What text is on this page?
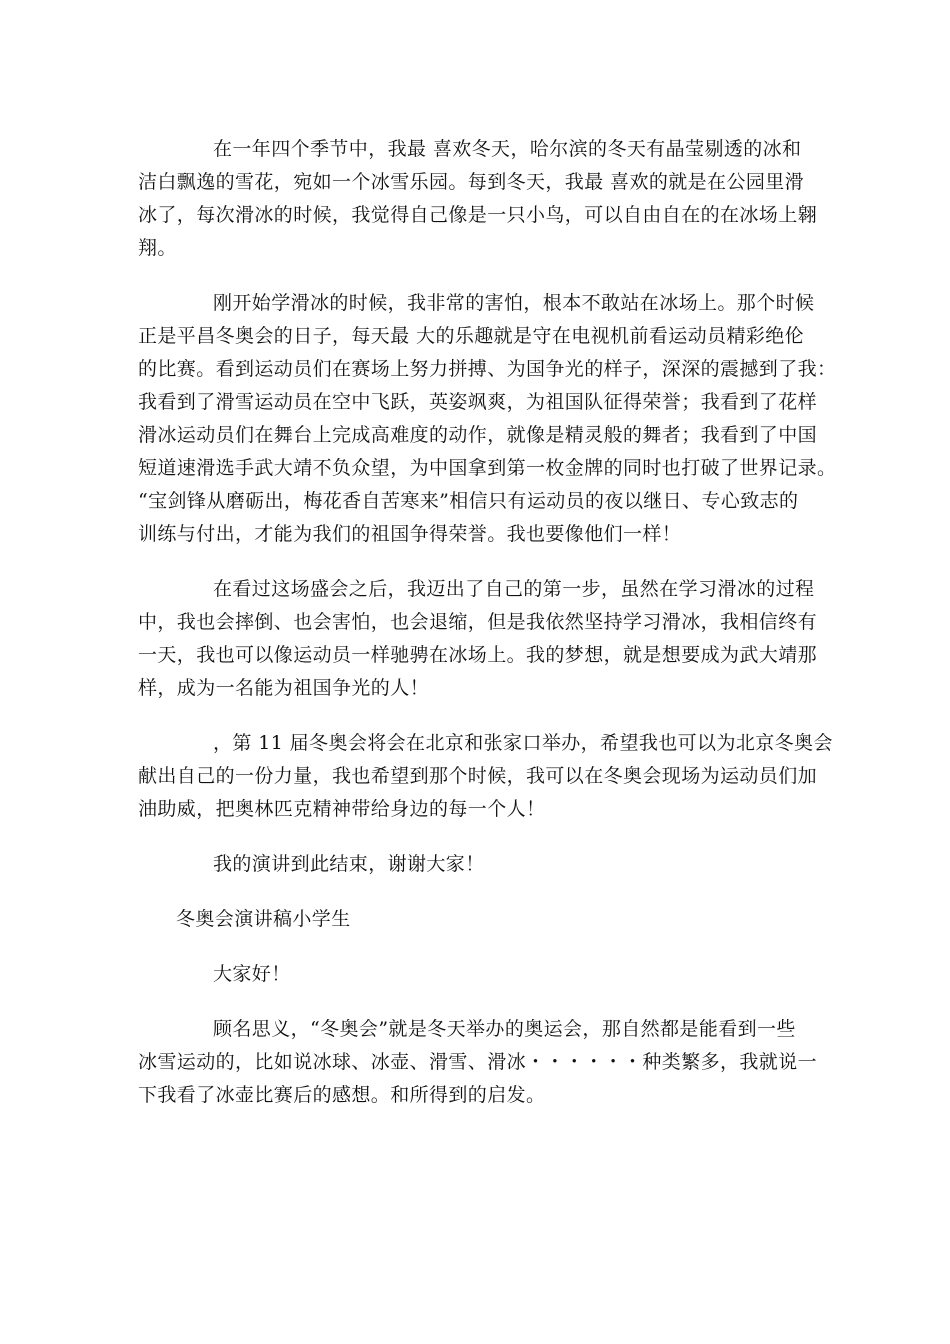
在一年四个季节中，我最 喜欢冬天，哈尔滨的冬天有晶莹剔透的冰和
洁白飘逸的雪花，宛如一个冰雪乐园。每到冬天，我最 喜欢的就是在公园里滑
冰了，每次滑冰的时候，我觉得自己像是一只小鸟，可以自由自在的在冰场上翱
翔。
刚开始学滑冰的时候，我非常的害怕，根本不敢站在冰场上。那个时候
正是平昌冬奥会的日子，每天最 大的乐趣就是守在电视机前看运动员精彩绝伦
的比赛。看到运动员们在赛场上努力拼搏、为国争光的样子，深深的震撼到了我：
我看到了滑雪运动员在空中飞跃，英姿飒爽，为祖国队征得荣誉；我看到了花样
滑冰运动员们在舞台上完成高难度的动作，就像是精灵般的舞者；我看到了中国
短道速滑选手武大靖不负众望，为中国拿到第一枚金牌的同时也打破了世界记录。
“宝剑锋从磨砺出，梅花香自苦寒来”相信只有运动员的夜以继日、专心致志的
训练与付出，才能为我们的祖国争得荣誉。我也要像他们一样！
在看过这场盛会之后，我迈出了自己的第一步，虽然在学习滑冰的过程
中，我也会摔倒、也会害怕，也会退缩，但是我依然坚持学习滑冰，我相信终有
一天，我也可以像运动员一样驰骋在冰场上。我的梦想，就是想要成为武大靖那
样，成为一名能为祖国争光的人！
，第 11 届冬奥会将会在北京和张家口举办，希望我也可以为北京冬奥会
献出自己的一份力量，我也希望到那个时候，我可以在冬奥会现场为运动员们加
油助威，把奥林匹克精神带给身边的每一个人！
我的演讲到此结束，谢谢大家！
冬奥会演讲稿小学生
大家好！
顾名思义，“冬奥会”就是冬天举办的奥运会，那自然都是能看到一些
冰雪运动的，比如说冰球、冰壶、滑雪、滑冰・・・・・・种类繁多，我就说一
下我看了冰壶比赛后的感想。和所得到的启发。
